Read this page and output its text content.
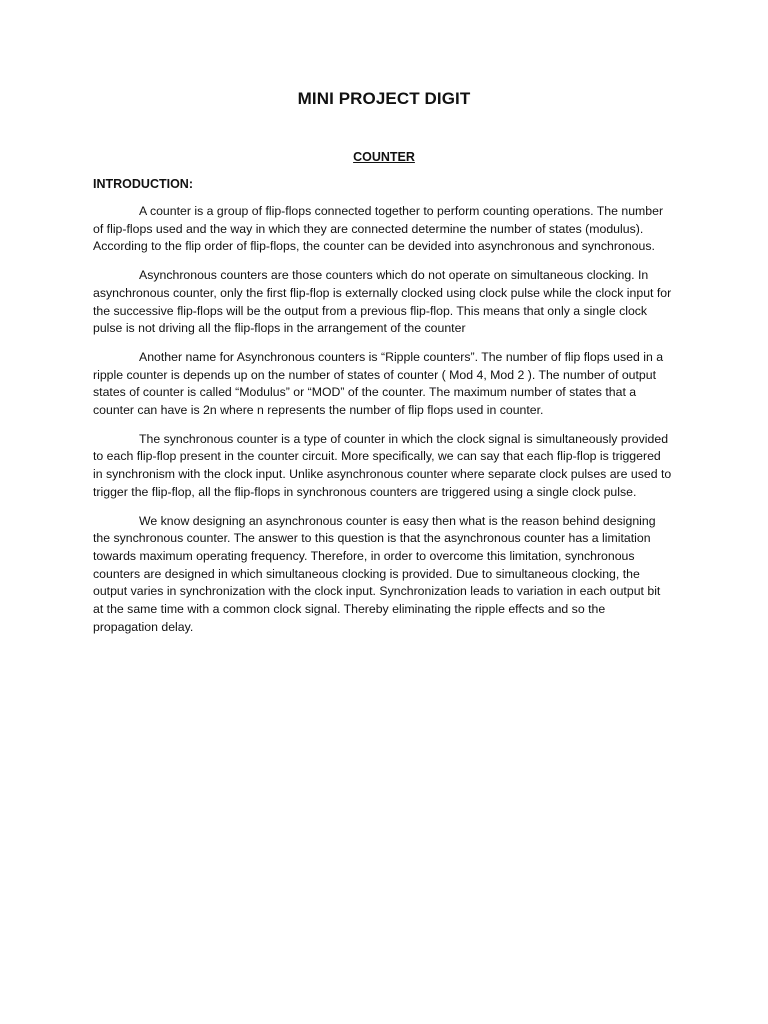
MINI PROJECT DIGIT
COUNTER
INTRODUCTION:

A counter is a group of flip-flops connected together to perform counting operations. The number of flip-flops used and the way in which they are connected determine the number of states (modulus). According to the flip order of flip-flops, the counter can be devided into asynchronous and synchronous.

Asynchronous counters are those counters which do not operate on simultaneous clocking. In asynchronous counter, only the first flip-flop is externally clocked using clock pulse while the clock input for the successive flip-flops will be the output from a previous flip-flop. This means that only a single clock pulse is not driving all the flip-flops in the arrangement of the counter

Another name for Asynchronous counters is “Ripple counters”. The number of flip flops used in a ripple counter is depends up on the number of states of counter ( Mod 4, Mod 2 ). The number of output states of counter is called “Modulus” or “MOD” of the counter. The maximum number of states that a counter can have is 2n where n represents the number of flip flops used in counter.

The synchronous counter is a type of counter in which the clock signal is simultaneously provided to each flip-flop present in the counter circuit. More specifically, we can say that each flip-flop is triggered in synchronism with the clock input. Unlike asynchronous counter where separate clock pulses are used to trigger the flip-flop, all the flip-flops in synchronous counters are triggered using a single clock pulse.

We know designing an asynchronous counter is easy then what is the reason behind designing the synchronous counter. The answer to this question is that the asynchronous counter has a limitation towards maximum operating frequency. Therefore, in order to overcome this limitation, synchronous counters are designed in which simultaneous clocking is provided. Due to simultaneous clocking, the output varies in synchronization with the clock input. Synchronization leads to variation in each output bit at the same time with a common clock signal. Thereby eliminating the ripple effects and so the propagation delay.
